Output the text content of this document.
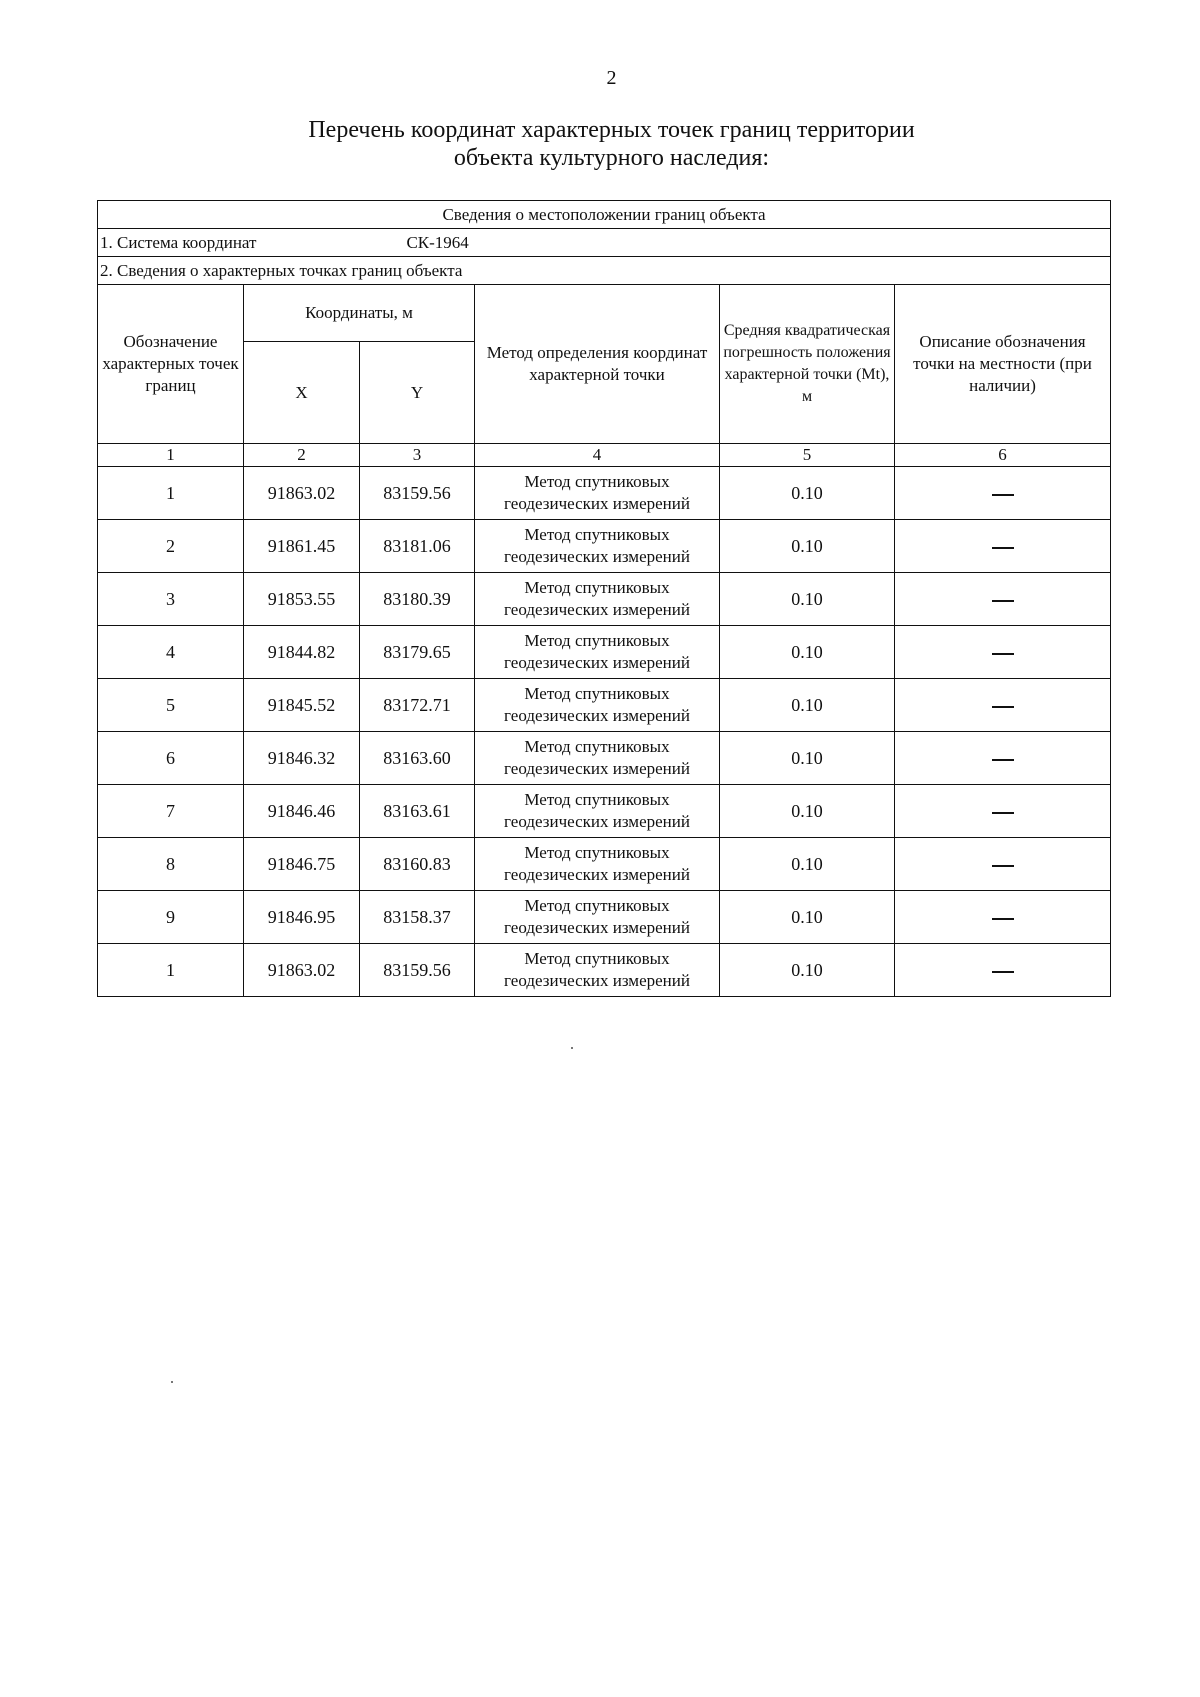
2
Перечень координат характерных точек границ территории
объекта культурного наследия:
Сведения о местоположении границ объекта					
1. Система координат СК-1964					
2. Сведения о характерных точках границ объекта					
Обозначение характерных точек границ	Координаты, м		Метод определения координат характерной точки	Средняя квадратическая погрешность положения характерной точки (Mt), м	Описание обозначения точки на местности (при наличии)
	X	Y			
1	2	3	4	5	6
1	91863.02	83159.56	Метод спутниковых геодезических измерений	0.10	
2	91861.45	83181.06	Метод спутниковых геодезических измерений	0.10	
3	91853.55	83180.39	Метод спутниковых геодезических измерений	0.10	
4	91844.82	83179.65	Метод спутниковых геодезических измерений	0.10	
5	91845.52	83172.71	Метод спутниковых геодезических измерений	0.10	
6	91846.32	83163.60	Метод спутниковых геодезических измерений	0.10	
7	91846.46	83163.61	Метод спутниковых геодезических измерений	0.10	
8	91846.75	83160.83	Метод спутниковых геодезических измерений	0.10	
9	91846.95	83158.37	Метод спутниковых геодезических измерений	0.10	
1	91863.02	83159.56	Метод спутниковых геодезических измерений	0.10	
